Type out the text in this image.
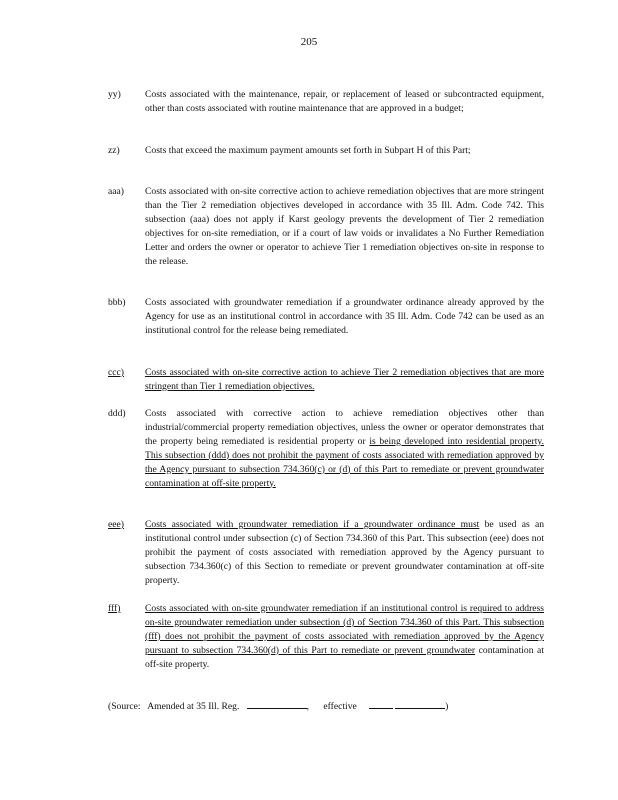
205
yy)	Costs associated with the maintenance, repair, or replacement of leased or subcontracted equipment, other than costs associated with routine maintenance that are approved in a budget;
zz)	Costs that exceed the maximum payment amounts set forth in Subpart H of this Part;
aaa)	Costs associated with on-site corrective action to achieve remediation objectives that are more stringent than the Tier 2 remediation objectives developed in accordance with 35 Ill. Adm. Code 742. This subsection (aaa) does not apply if Karst geology prevents the development of Tier 2 remediation objectives for on-site remediation, or if a court of law voids or invalidates a No Further Remediation Letter and orders the owner or operator to achieve Tier 1 remediation objectives on-site in response to the release.
bbb)	Costs associated with groundwater remediation if a groundwater ordinance already approved by the Agency for use as an institutional control in accordance with 35 Ill. Adm. Code 742 can be used as an institutional control for the release being remediated.
ccc)	Costs associated with on-site corrective action to achieve Tier 2 remediation objectives that are more stringent than Tier 1 remediation objectives.
ddd)	Costs associated with corrective action to achieve remediation objectives other than industrial/commercial property remediation objectives, unless the owner or operator demonstrates that the property being remediated is residential property or is being developed into residential property. This subsection (ddd) does not prohibit the payment of costs associated with remediation approved by the Agency pursuant to subsection 734.360(c) or (d) of this Part to remediate or prevent groundwater contamination at off-site property.
eee)	Costs associated with groundwater remediation if a groundwater ordinance must be used as an institutional control under subsection (c) of Section 734.360 of this Part. This subsection (eee) does not prohibit the payment of costs associated with remediation approved by the Agency pursuant to subsection 734.360(c) of this Section to remediate or prevent groundwater contamination at off-site property.
fff)	Costs associated with on-site groundwater remediation if an institutional control is required to address on-site groundwater remediation under subsection (d) of Section 734.360 of this Part. This subsection (fff) does not prohibit the payment of costs associated with remediation approved by the Agency pursuant to subsection 734.360(d) of this Part to remediate or prevent groundwater contamination at off-site property.
(Source: Amended at 35 Ill. Reg.	, effective	)
